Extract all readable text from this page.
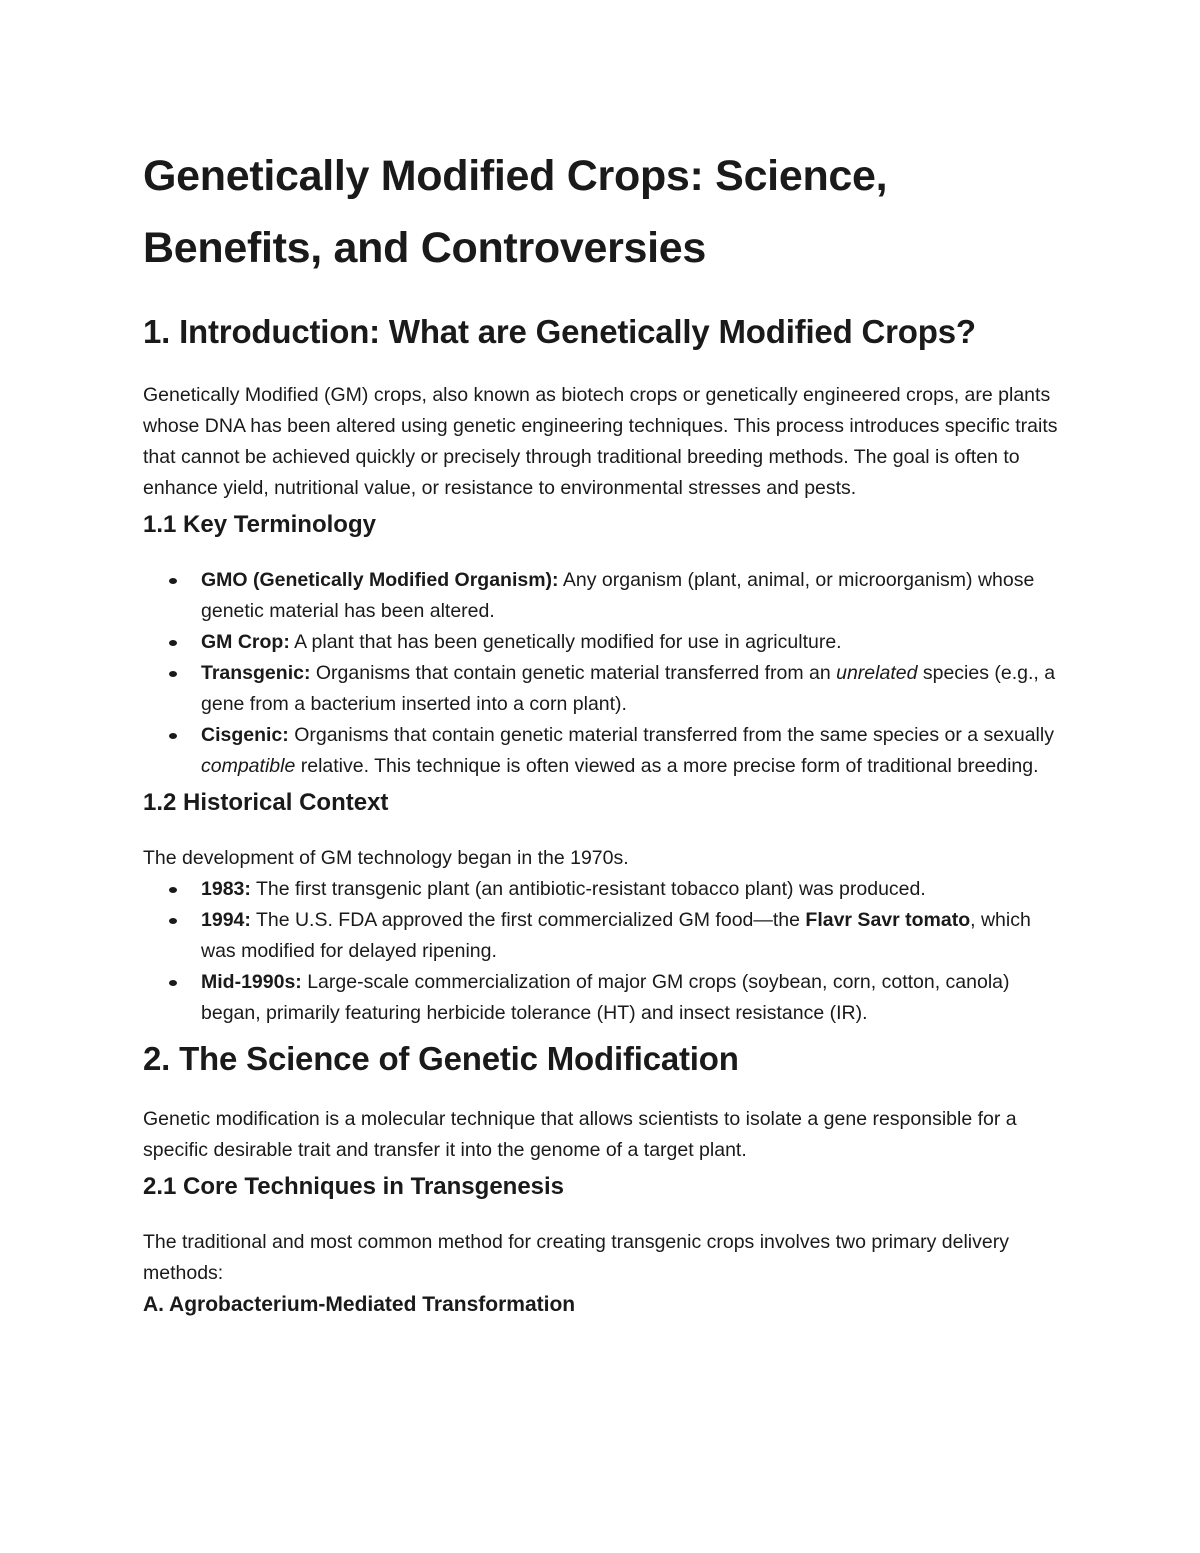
Genetically Modified Crops: Science,
Benefits, and Controversies
1. Introduction: What are Genetically Modified Crops?

Genetically Modified (GM) crops, also known as biotech crops or genetically engineered crops, are plants whose DNA has been altered using genetic engineering techniques. This process introduces specific traits that cannot be achieved quickly or precisely through traditional breeding methods. The goal is often to enhance yield, nutritional value, or resistance to environmental stresses and pests.

1.1 Key Terminology
GMO (Genetically Modified Organism): Any organism (plant, animal, or microorganism) whose genetic material has been altered.
GM Crop: A plant that has been genetically modified for use in agriculture.
Transgenic: Organisms that contain genetic material transferred from an unrelated species (e.g., a gene from a bacterium inserted into a corn plant).
Cisgenic: Organisms that contain genetic material transferred from the same species or a sexually compatible relative. This technique is often viewed as a more precise form of traditional breeding.
1.2 Historical Context

The development of GM technology began in the 1970s.

1983: The first transgenic plant (an antibiotic-resistant tobacco plant) was produced.
1994: The U.S. FDA approved the first commercialized GM food—the Flavr Savr tomato, which was modified for delayed ripening.
Mid-1990s: Large-scale commercialization of major GM crops (soybean, corn, cotton, canola) began, primarily featuring herbicide tolerance (HT) and insect resistance (IR).
2. The Science of Genetic Modification

Genetic modification is a molecular technique that allows scientists to isolate a gene responsible for a specific desirable trait and transfer it into the genome of a target plant.

2.1 Core Techniques in Transgenesis

The traditional and most common method for creating transgenic crops involves two primary delivery methods:

A. Agrobacterium-Mediated Transformation
